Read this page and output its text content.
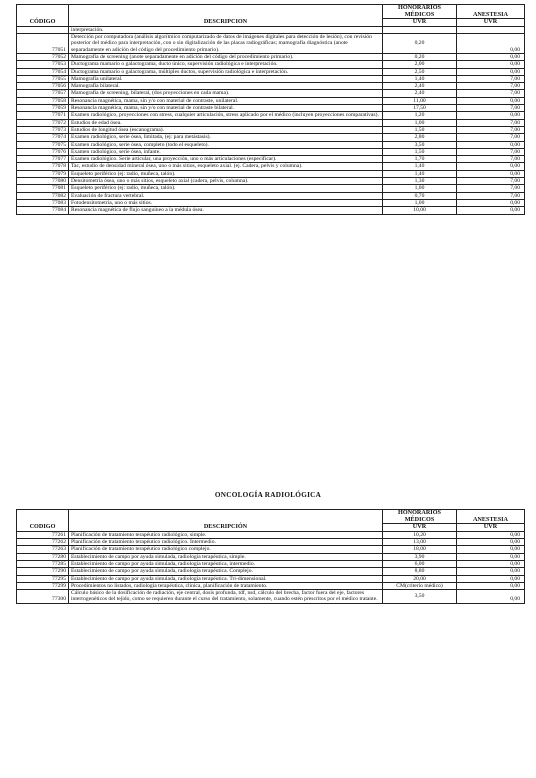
CÓDIGO	DESCRIPCION	HONORARIOS
MÉDICOS	ANESTESIA
		UVR	UVR
	interpretación.		
77051	Detección por computadora (análisis algorítmico computarizado de datos de imágenes digitales para detección de lesión), con revisión posterior del médico para interpretación, con o sin digitalización de las placas radiográficas; mamografía diagnóstica (anote separadamente en adición del código del procedimiento primario).	0,20	0,00
77052	Mamografía de screening (anote separadamente en adición del código del procedimiento primario).	0,20	0,00
77053	Ductograma mamario o galactograma, ducto único, supervisión radiológica e interpretación.	2,00	0,00
77054	Ductograma mamario o galactograma, múltiples ductos, supervisión radiológica e interpretación.	2,50	0,00
77055	Mamografía unilateral.	1,40	7,00
77056	Mamografía bilateral.	2,40	7,00
77057	Mamografía de screening, bilateral, (dos proyecciones en cada mama).	2,40	7,00
77058	Resonancia magnética, mama, sin y/o con material de contraste, unilateral.	11,00	0,00
77059	Resonancia magnética, mama, sin y/o con material de contraste bilateral.	17,50	7,00
77071	Examen radiológico, proyecciones con stress, cualquier articulación, stress aplicado por el médico (incluyen proyecciones comparativas).	1,20	0,00
77072	Estudios de edad ósea.	1,00	7,00
77073	Estudios de longitud ósea (escanograma).	1,50	7,00
77074	Examen radiológico, serie ósea, limitada, (ej: para metástasis).	2,80	7,00
77075	Examen radiológico, serie ósea, completo (todo el esqueleto).	3,50	0,00
77076	Examen radiológico, serie ósea, infante.	1,50	7,00
77077	Examen radiológico. Serie articular, una proyección, uno o más articulaciones (especificar).	1,70	7,00
77078	Tac, estudio de densidad mineral ósea, uno o más sitios, esqueleto axial. (ej. Cadera, pelvis y columna).	1,40	0,00
77079	Esqueleto periférico (ej: radio, muñeca, talón).	1,40	0,00
77080	Densitometría ósea, uno o más sitios, esqueleto axial (cadera, pelvis, columna).	1,30	7,00
77081	Esqueleto periférico (ej: radio, muñeca, talón).	1,00	7,00
77082	Evaluación de fractura vertebral.	0,70	7,00
77083	Fotodensitometría, uno o más sitios.	1,00	0,00
77084	Resonancia magnética de flujo sanguíneo a la médula ósea.	10,00	0,00
ONCOLOGÍA RADIOLÓGICA
CODIGO	DESCRIPCIÓN	HONORARIOS
MÉDICOS	ANESTESIA
		UVR	UVR
77261	Planificación de tratamiento terapéutico radiológico, simple.	10,20	0,00
77262	Planificación de tratamiento terapéutico radiológico. Intermedio.	13,00	0,00
77263	Planificación de tratamiento terapéutico radiológico complejo.	18,00	0,00
77280	Establecimiento de campo por ayuda simulada, radiología terapéutica, simple.	3,90	0,00
77285	Establecimiento de campo por ayuda simulada, radiología terapéutica, intermedio.	6,00	0,00
77290	Establecimiento de campo por ayuda simulada, radiología terapéutica. Complejo.	8,80	0,00
77295	Establecimiento de campo por ayuda simulada, radiología terapéutica. Tri-dimensional.	20,00	0,00
77299	Procedimientos no listados, radiología terapéutica, clínica, planificación de tratamiento.	CM(criterio médico)	0,00
77300	Cálculo básico de la dosificación de radiación, eje central, dosis profunda, tdf, nsd, cálculo del brecha, factor fuera del eje, factores interrogenéticos del tejido, como se requieren durante el curso del tratamiento, solamente, cuando estén prescritos por el médico tratante.	3,50	0,00
